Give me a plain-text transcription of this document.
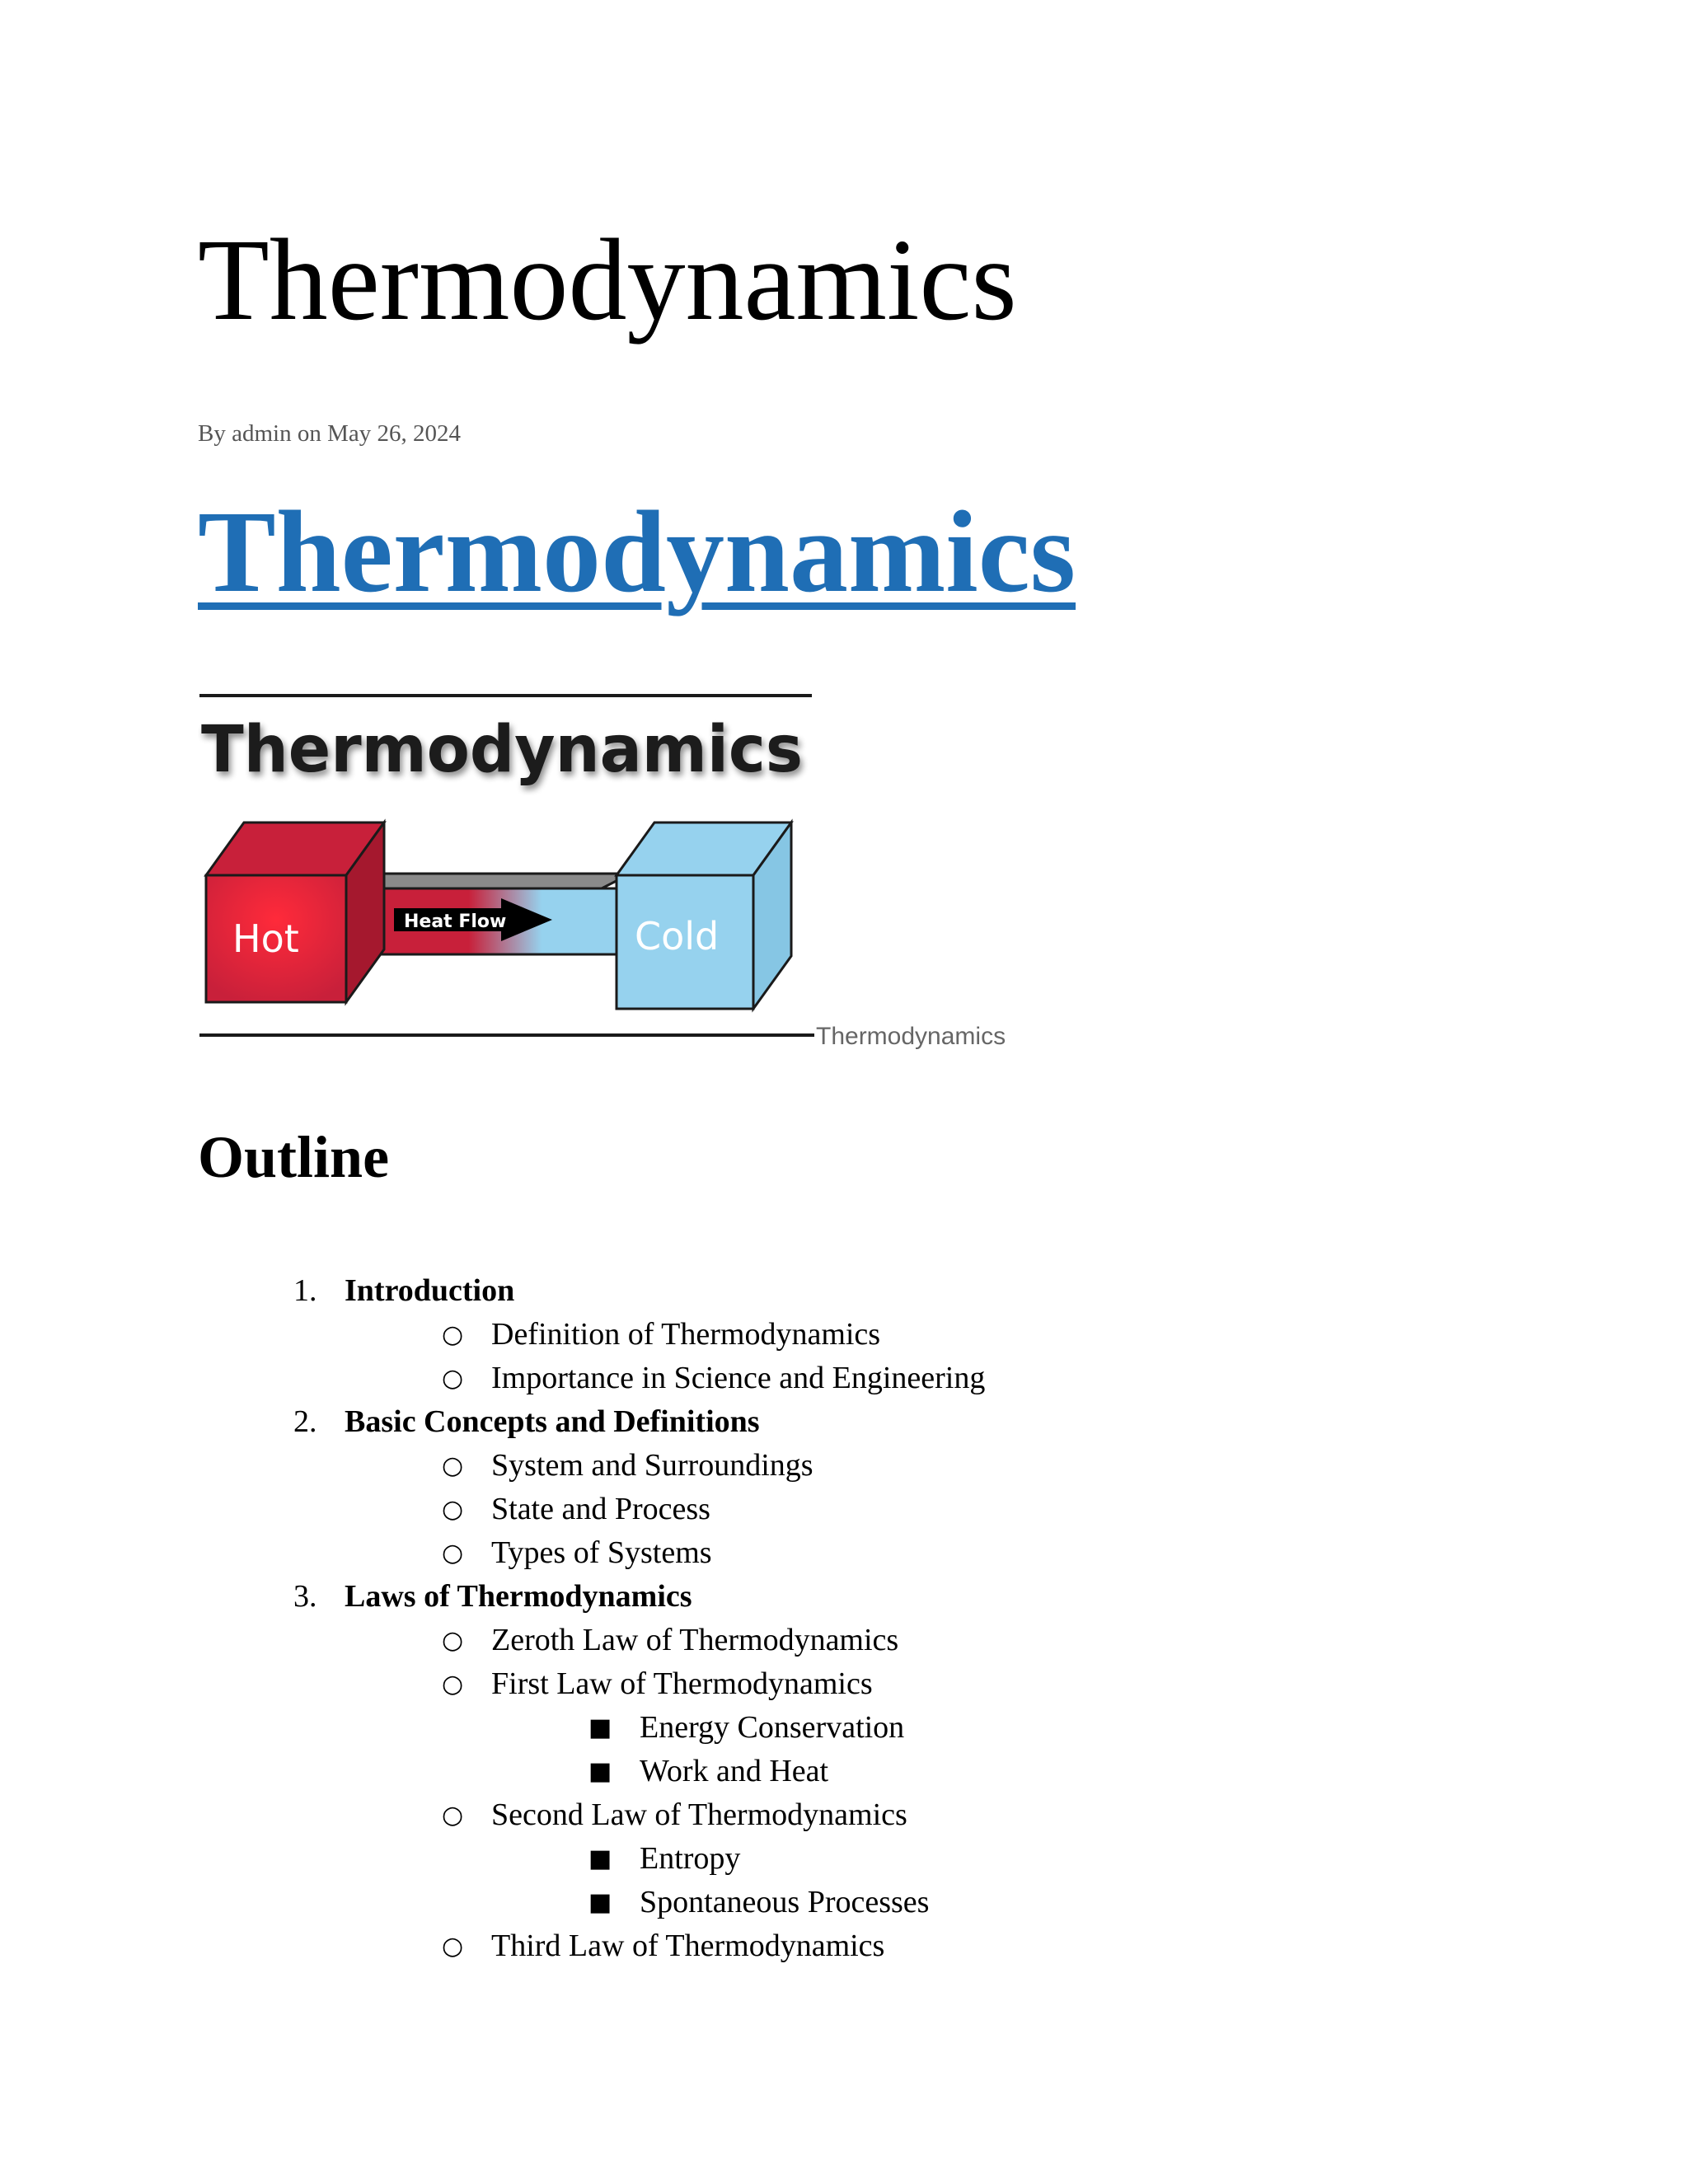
Thermodynamics
By admin on May 26, 2024
Thermodynamics
Thermodynamics
Hot	Cold
Heat Flow
Thermodynamics
Outline
1. Introduction
○ Definition of Thermodynamics
○ Importance in Science and Engineering
2. Basic Concepts and Definitions
○ System and Surroundings
○ State and Process
○ Types of Systems
3. Laws of Thermodynamics
○ Zeroth Law of Thermodynamics
○ First Law of Thermodynamics
■ Energy Conservation
■ Work and Heat
○ Second Law of Thermodynamics
■ Entropy
■ Spontaneous Processes
○ Third Law of Thermodynamics
